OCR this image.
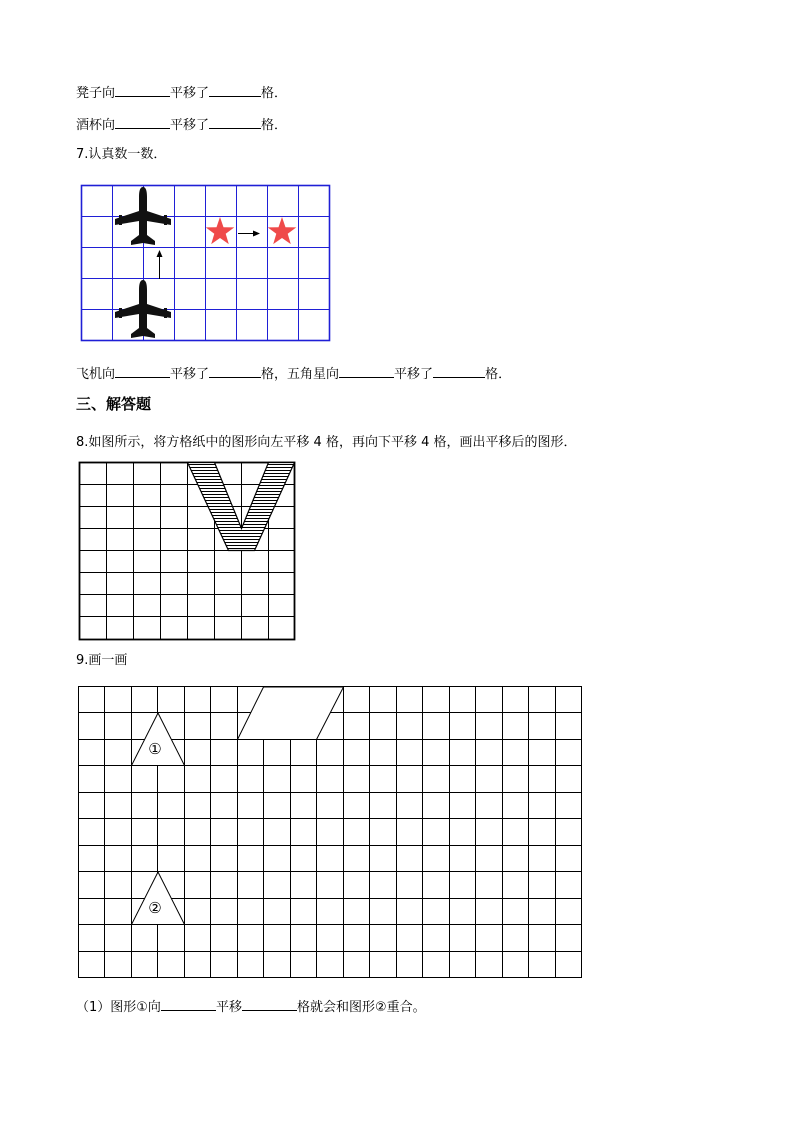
凳子向	平移了	格．
酒杯向	平移了	格．
7.认真数一数．
飞机向	平移了	格，五角星向	平移了	格．
三、解答题
8.如图所示，将方格纸中的图形向左平移 4 格，再向下平移 4 格，画出平移后的图形．
9.画一画
①
②
（1）图形①向	平移	格就会和图形②重合。
